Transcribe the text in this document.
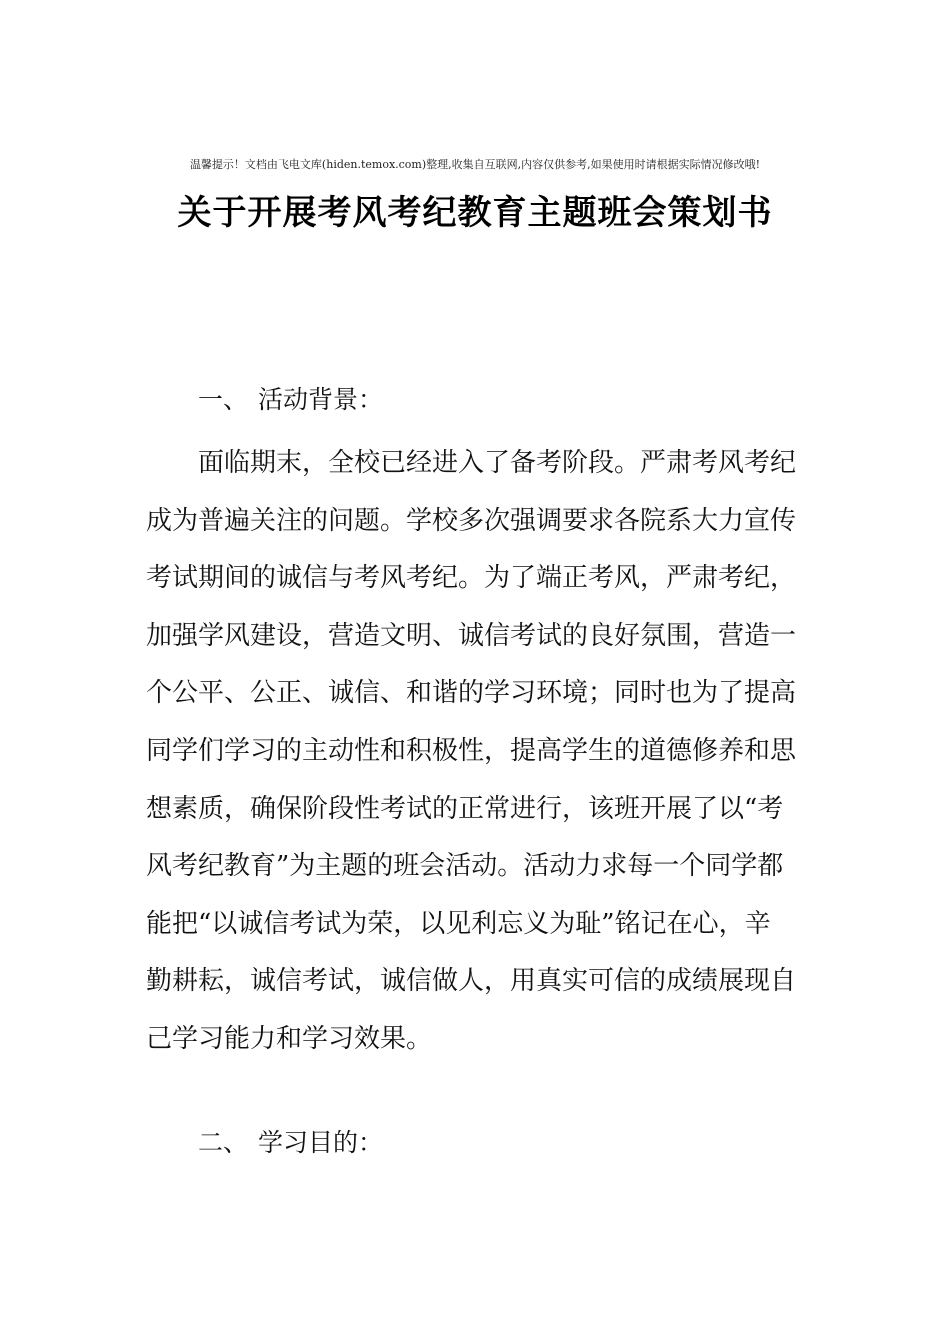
温馨提示！文档由飞电文库(hiden.temox.com)整理,收集自互联网,内容仅供参考,如果使用时请根据实际情况修改哦!
关于开展考风考纪教育主题班会策划书
一、 活动背景：
面临期末，全校已经进入了备考阶段。严肃考风考纪
成为普遍关注的问题。学校多次强调要求各院系大力宣传
考试期间的诚信与考风考纪。为了端正考风，严肃考纪，
加强学风建设，营造文明、诚信考试的良好氛围，营造一
个公平、公正、诚信、和谐的学习环境；同时也为了提高
同学们学习的主动性和积极性，提高学生的道德修养和思
想素质，确保阶段性考试的正常进行，该班开展了以“考
风考纪教育”为主题的班会活动。活动力求每一个同学都
能把“以诚信考试为荣，以见利忘义为耻”铭记在心，辛
勤耕耘，诚信考试，诚信做人，用真实可信的成绩展现自
己学习能力和学习效果。
二、 学习目的：
